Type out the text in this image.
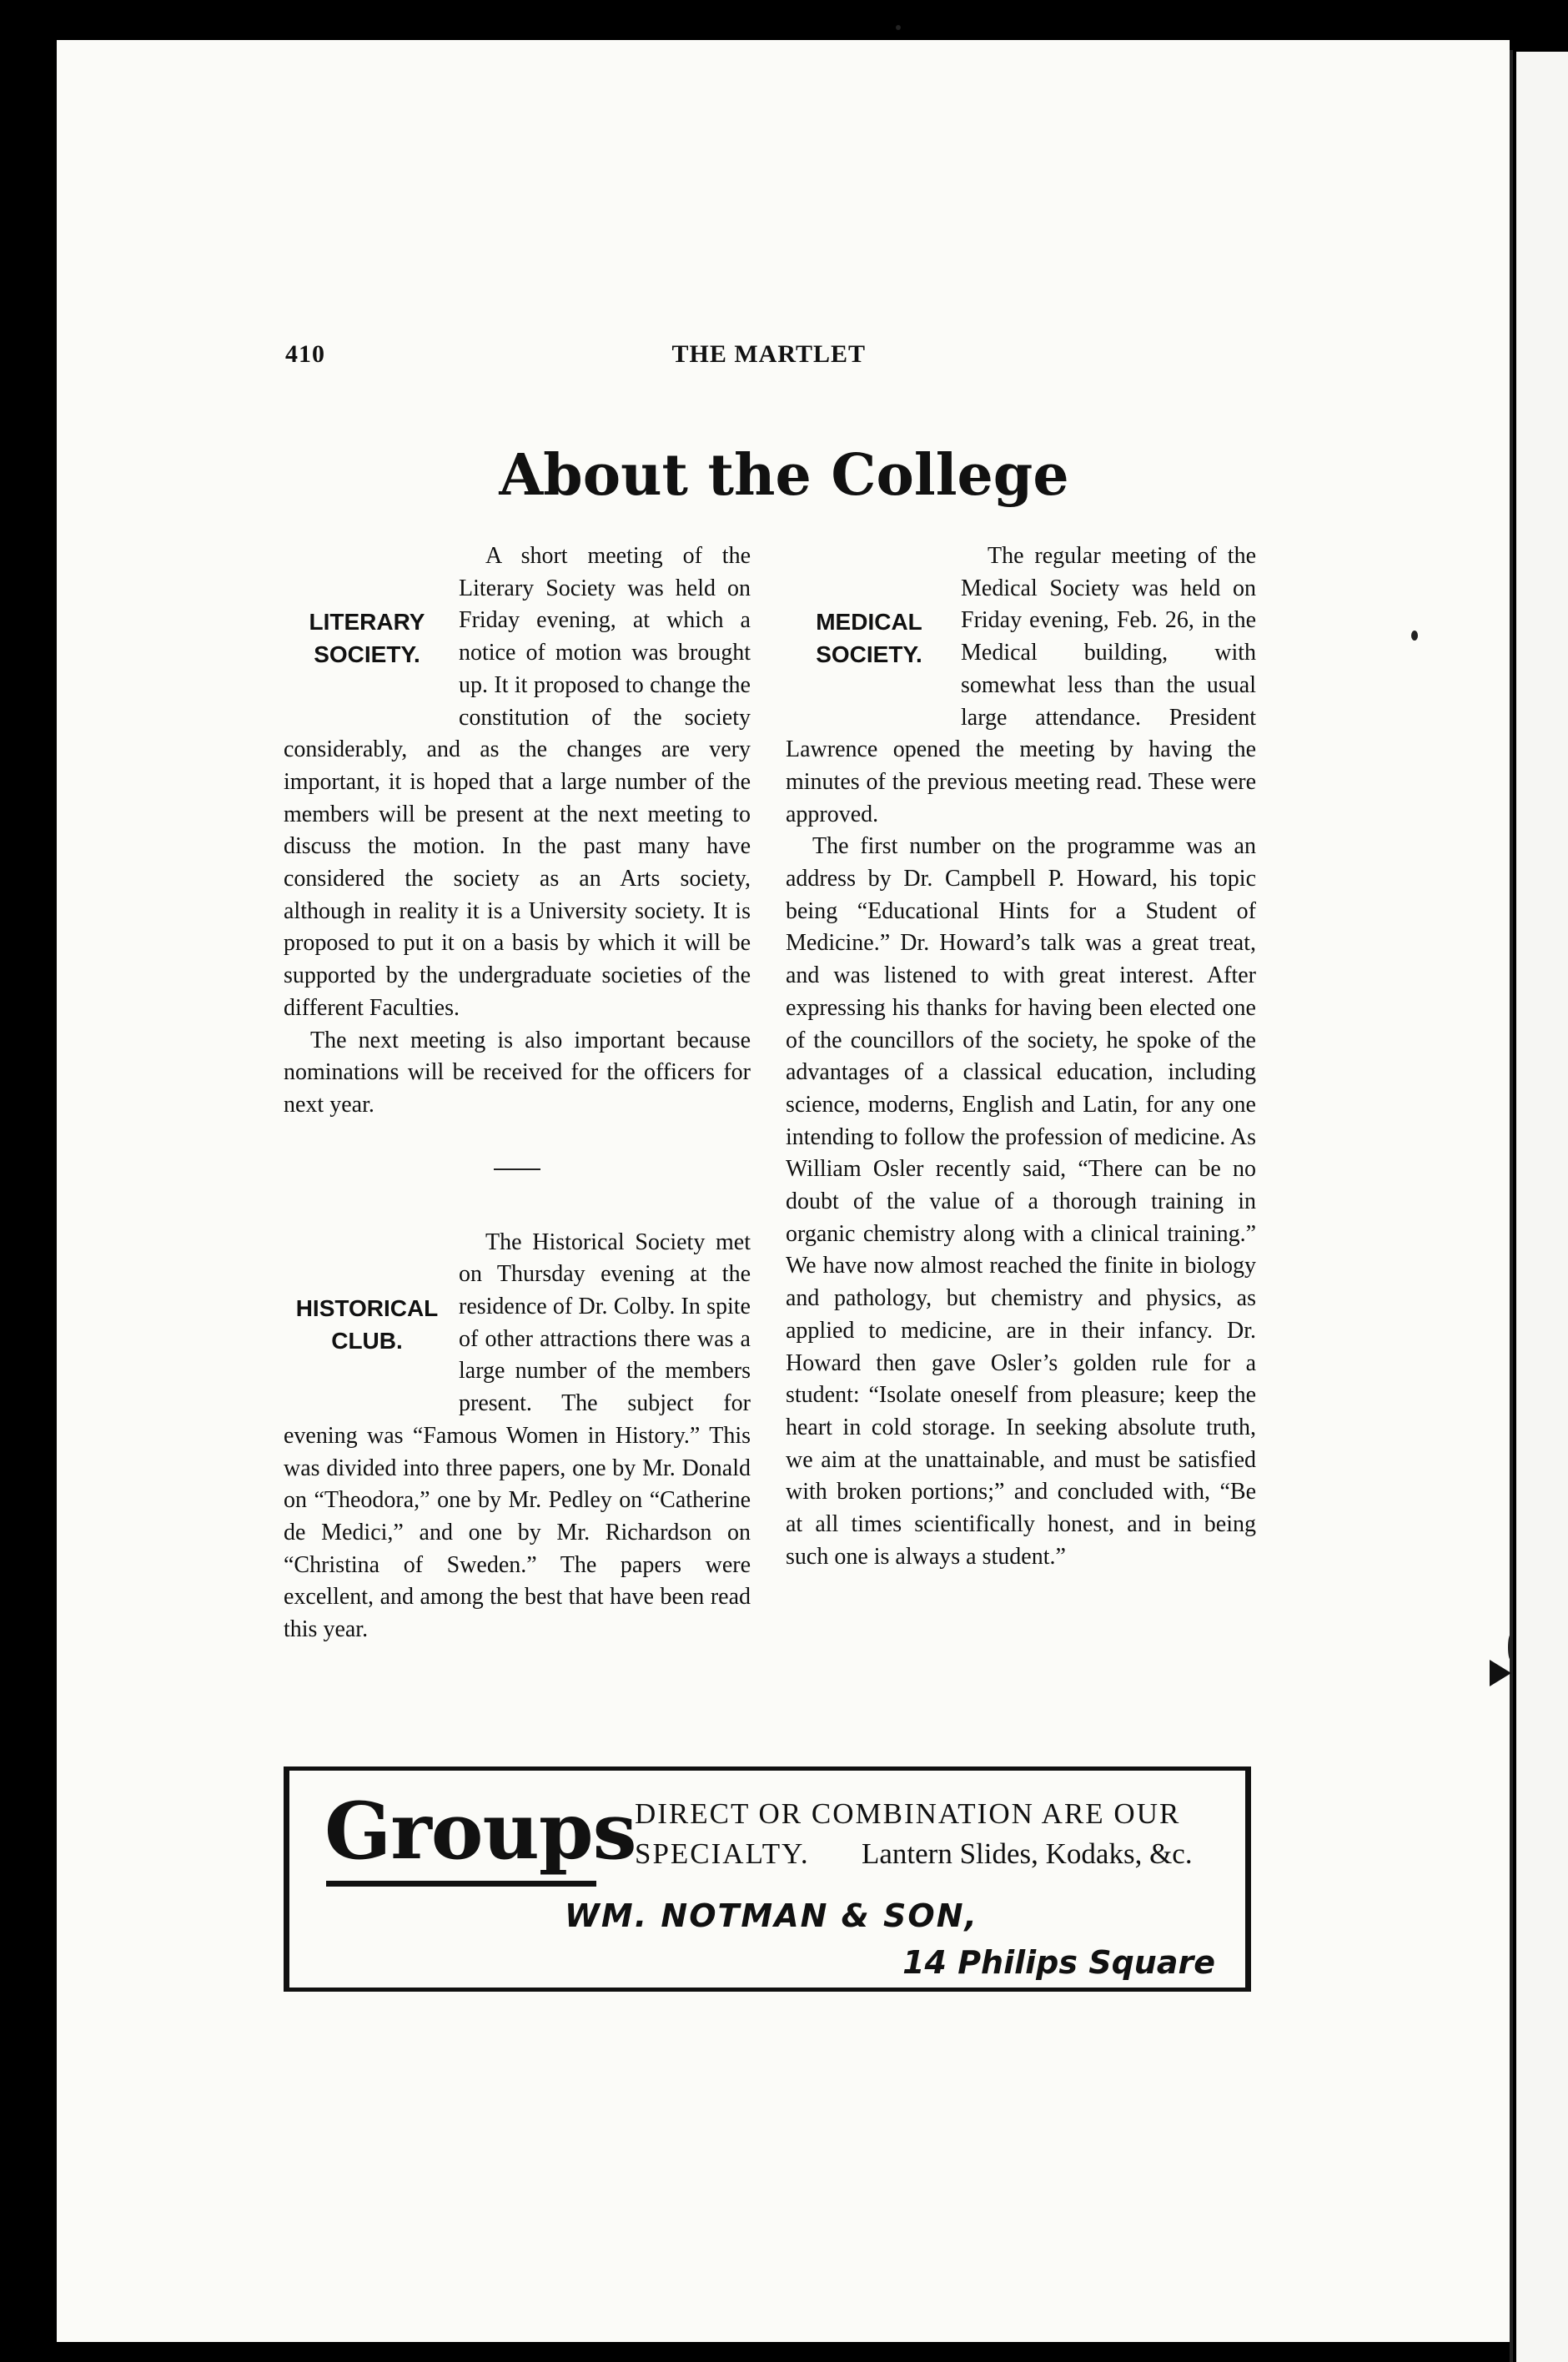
410	THE MARTLET
About the College
LITERARY SOCIETY.

A short meeting of the Literary Society was held on Friday evening, at which a notice of motion was brought up. It it proposed to change the constitution of the society considerably, and as the changes are very important, it is hoped that a large number of the members will be present at the next meeting to discuss the motion. In the past many have considered the society as an Arts society, although in reality it is a University society. It is proposed to put it on a basis by which it will be supported by the undergraduate societies of the different Faculties.

The next meeting is also important because nominations will be received for the officers for next year.

HISTORICAL CLUB.

The Historical Society met on Thursday evening at the residence of Dr. Colby. In spite of other attractions there was a large number of the members present. The subject for evening was “Famous Women in History.” This was divided into three papers, one by Mr. Donald on “Theodora,” one by Mr. Pedley on “Catherine de Medici,” and one by Mr. Richardson on “Christina of Sweden.” The papers were excellent, and among the best that have been read this year.

MEDICAL SOCIETY.

The regular meeting of the Medical Society was held on Friday evening, Feb. 26, in the Medical building, with somewhat less than the usual large attendance. President Lawrence opened the meeting by having the minutes of the previous meeting read. These were approved.

The first number on the programme was an address by Dr. Campbell P. Howard, his topic being “Educational Hints for a Student of Medicine.” Dr. Howard’s talk was a great treat, and was listened to with great interest. After expressing his thanks for having been elected one of the councillors of the society, he spoke of the advantages of a classical education, including science, moderns, English and Latin, for any one intending to follow the profession of medicine. As William Osler recently said, “There can be no doubt of the value of a thorough training in organic chemistry along with a clinical training.” We have now almost reached the finite in biology and pathology, but chemistry and physics, as applied to medicine, are in their infancy. Dr. Howard then gave Osler’s golden rule for a student: “Isolate oneself from pleasure; keep the heart in cold storage. In seeking absolute truth, we aim at the unattainable, and must be satisfied with broken portions;” and concluded with, “Be at all times scientifically honest, and in being such one is always a student.”

Groups
DIRECT OR COMBINATION ARE OUR
SPECIALTY. Lantern Slides, Kodaks, &c.
WM. NOTMAN & SON,
14 Philips Square
